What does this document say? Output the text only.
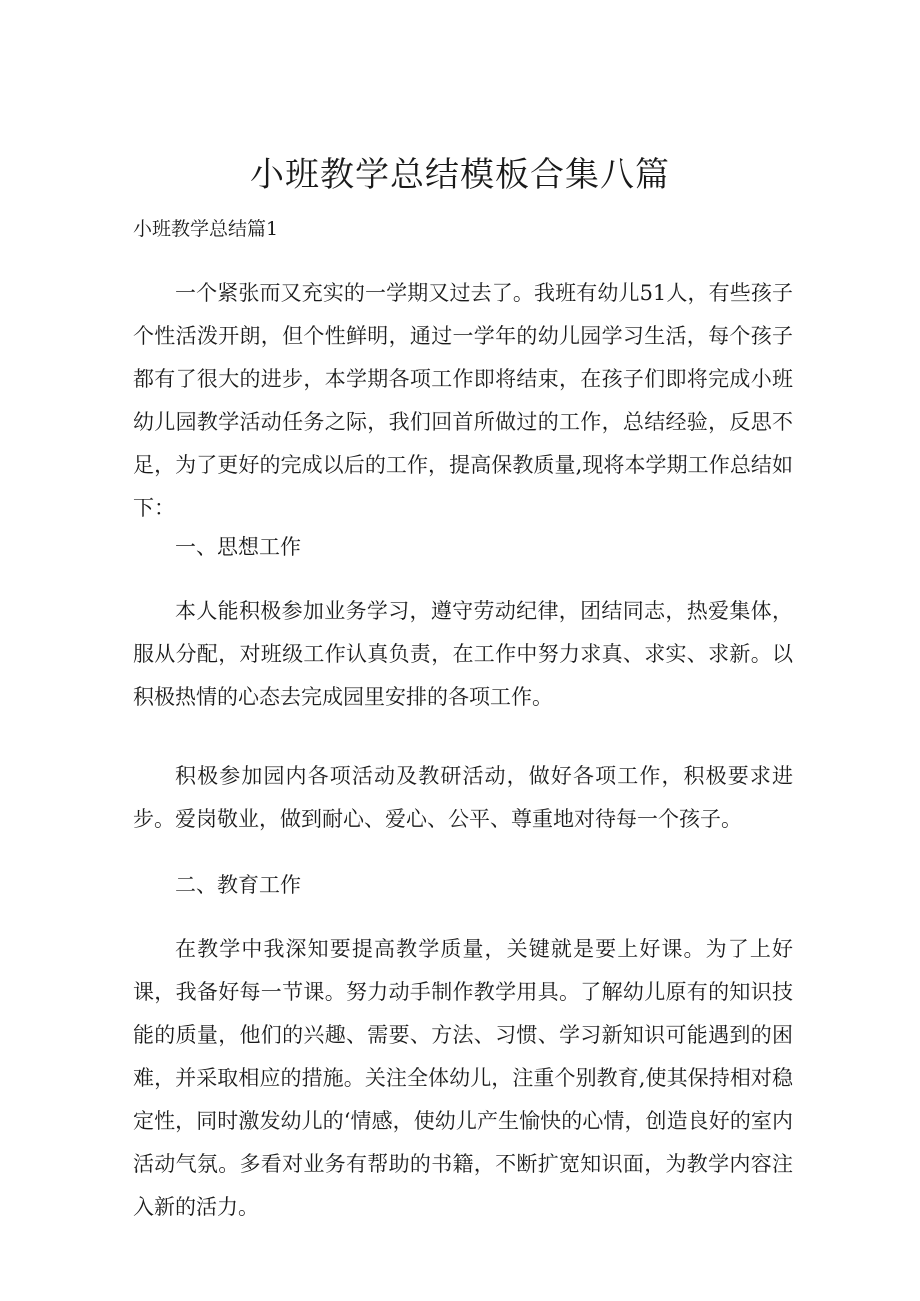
小班教学总结模板合集八篇

小班教学总结篇1

一个紧张而又充实的一学期又过去了。我班有幼儿51人，有些孩子个性活泼开朗，但个性鲜明，通过一学年的幼儿园学习生活，每个孩子都有了很大的进步，本学期各项工作即将结束，在孩子们即将完成小班幼儿园教学活动任务之际，我们回首所做过的工作，总结经验，反思不足，为了更好的完成以后的工作，提高保教质量,现将本学期工作总结如下：

一、思想工作

本人能积极参加业务学习，遵守劳动纪律，团结同志，热爱集体，服从分配，对班级工作认真负责，在工作中努力求真、求实、求新。以积极热情的心态去完成园里安排的各项工作。

积极参加园内各项活动及教研活动，做好各项工作，积极要求进步。爱岗敬业，做到耐心、爱心、公平、尊重地对待每一个孩子。

二、教育工作

在教学中我深知要提高教学质量，关键就是要上好课。为了上好课，我备好每一节课。努力动手制作教学用具。了解幼儿原有的知识技能的质量，他们的兴趣、需要、方法、习惯、学习新知识可能遇到的困难，并采取相应的措施。关注全体幼儿，注重个别教育,使其保持相对稳定性，同时激发幼儿的‘情感，使幼儿产生愉快的心情，创造良好的室内活动气氛。多看对业务有帮助的书籍，不断扩宽知识面，为教学内容注入新的活力。
